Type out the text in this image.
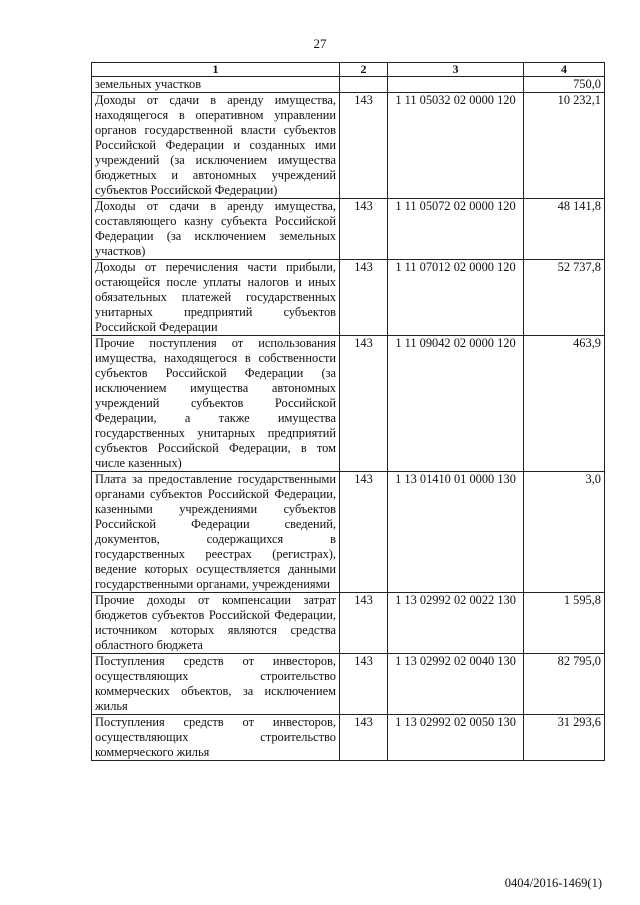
27
1	2	3	4
земельных участков			750,0
Доходы от сдачи в аренду имущества, находящегося в оперативном управлении органов государственной власти субъектов Российской Федерации и созданных ими учреждений (за исключением имущества бюджетных и автономных учреждений субъектов Российской Федерации)	143	1 11 05032 02 0000 120	10 232,1
Доходы от сдачи в аренду имущества, составляющего казну субъекта Российской Федерации (за исключением земельных участков)	143	1 11 05072 02 0000 120	48 141,8
Доходы от перечисления части прибыли, остающейся после уплаты налогов и иных обязательных платежей государственных унитарных предприятий субъектов Российской Федерации	143	1 11 07012 02 0000 120	52 737,8
Прочие поступления от использования имущества, находящегося в собственности субъектов Российской Федерации (за исключением имущества автономных учреждений субъектов Российской Федерации, а также имущества государственных унитарных предприятий субъектов Российской Федерации, в том числе казенных)	143	1 11 09042 02 0000 120	463,9
Плата за предоставление государственными органами субъектов Российской Федерации, казенными учреждениями субъектов Российской Федерации сведений, документов, содержащихся в государственных реестрах (регистрах), ведение которых осуществляется данными государственными органами, учреждениями	143	1 13 01410 01 0000 130	3,0
Прочие доходы от компенсации затрат бюджетов субъектов Российской Федерации, источником которых являются средства областного бюджета	143	1 13 02992 02 0022 130	1 595,8
Поступления средств от инвесторов, осуществляющих строительство коммерческих объектов, за исключением жилья	143	1 13 02992 02 0040 130	82 795,0
Поступления средств от инвесторов, осуществляющих строительство коммерческого жилья	143	1 13 02992 02 0050 130	31 293,6
0404/2016-1469(1)
